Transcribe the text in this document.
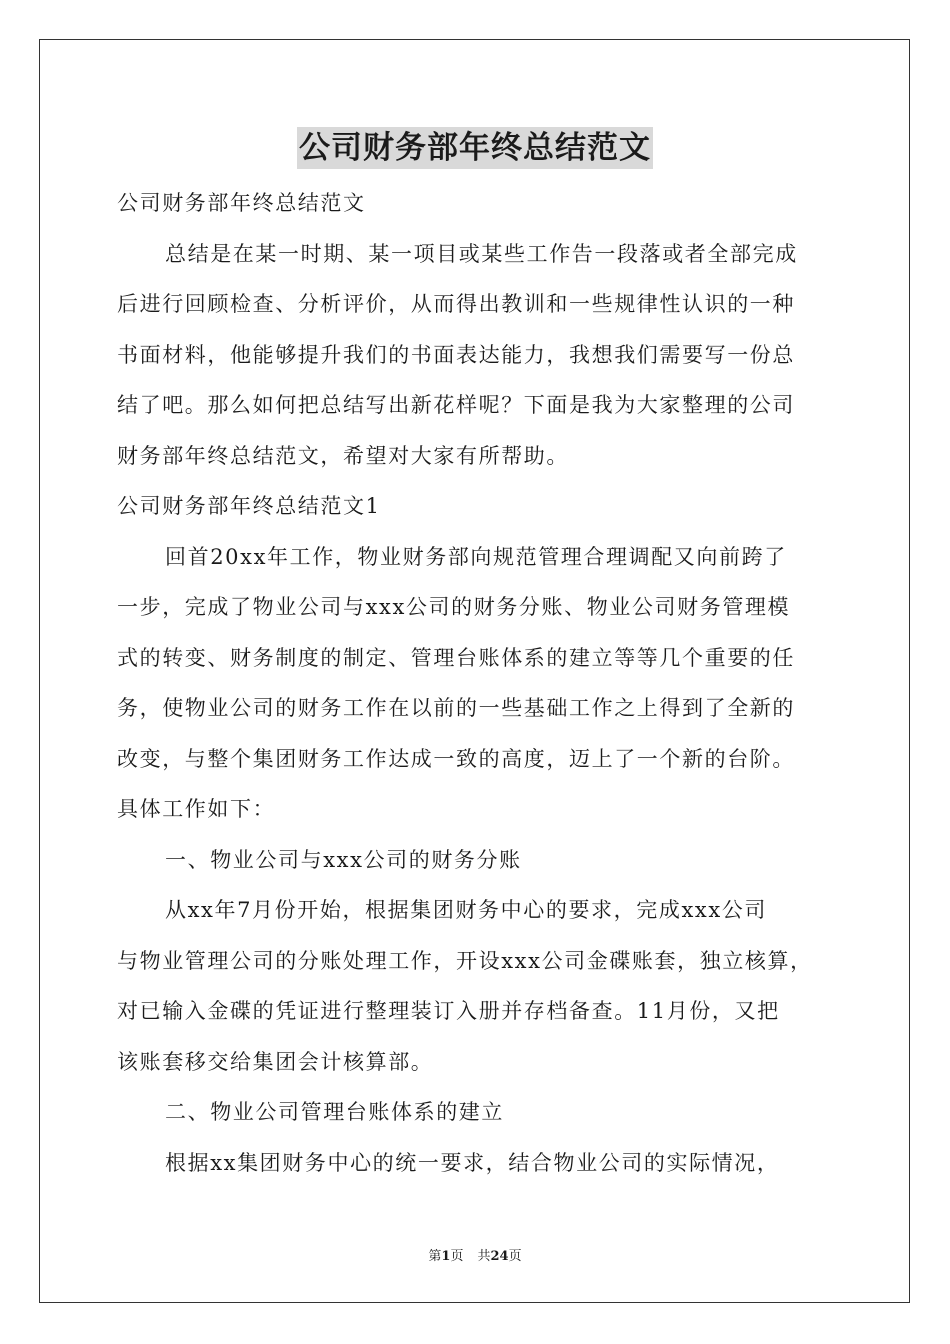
公司财务部年终总结范文
公司财务部年终总结范文
总结是在某一时期、某一项目或某些工作告一段落或者全部完成
后进行回顾检查、分析评价，从而得出教训和一些规律性认识的一种
书面材料，他能够提升我们的书面表达能力，我想我们需要写一份总
结了吧。那么如何把总结写出新花样呢？下面是我为大家整理的公司
财务部年终总结范文，希望对大家有所帮助。
公司财务部年终总结范文1
回首20xx年工作，物业财务部向规范管理合理调配又向前跨了
一步，完成了物业公司与xxx公司的财务分账、物业公司财务管理模
式的转变、财务制度的制定、管理台账体系的建立等等几个重要的任
务，使物业公司的财务工作在以前的一些基础工作之上得到了全新的
改变，与整个集团财务工作达成一致的高度，迈上了一个新的台阶。
具体工作如下：
一、物业公司与xxx公司的财务分账
从xx年7月份开始，根据集团财务中心的要求，完成xxx公司
与物业管理公司的分账处理工作，开设xxx公司金碟账套，独立核算，
对已输入金碟的凭证进行整理装订入册并存档备查。11月份，又把
该账套移交给集团会计核算部。
二、物业公司管理台账体系的建立
根据xx集团财务中心的统一要求，结合物业公司的实际情况，
第1页 共24页
